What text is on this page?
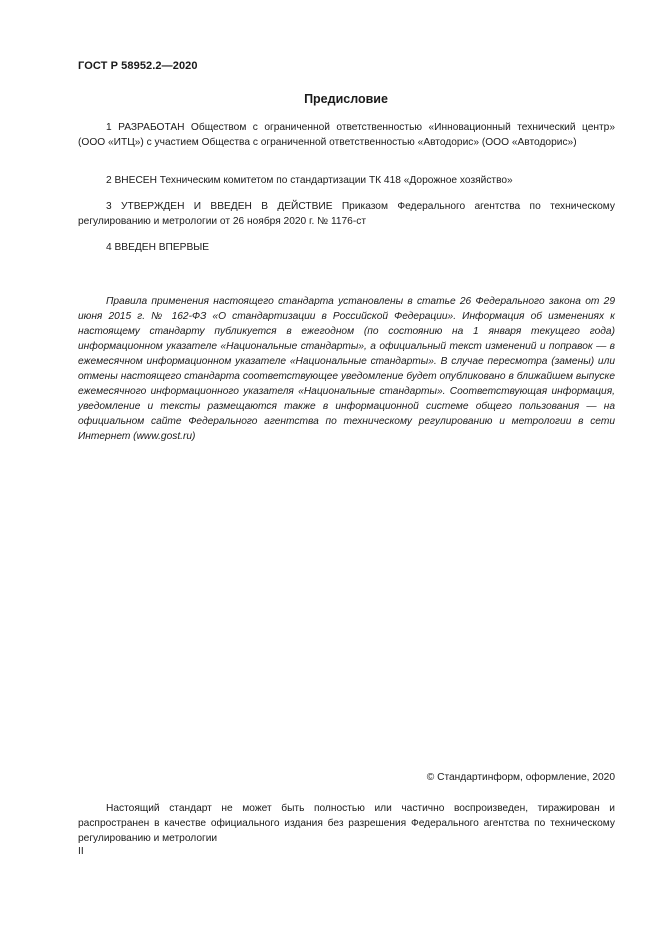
ГОСТ Р 58952.2—2020
Предисловие

1 РАЗРАБОТАН Обществом с ограниченной ответственностью «Инновационный технический центр» (ООО «ИТЦ») с участием Общества с ограниченной ответственностью «Автодорис» (ООО «Автодорис»)

2 ВНЕСЕН Техническим комитетом по стандартизации ТК 418 «Дорожное хозяйство»

3 УТВЕРЖДЕН И ВВЕДЕН В ДЕЙСТВИЕ Приказом Федерального агентства по техническому регулированию и метрологии от 26 ноября 2020 г. № 1176-ст

4 ВВЕДЕН ВПЕРВЫЕ

Правила применения настоящего стандарта установлены в статье 26 Федерального закона от 29 июня 2015 г. № 162-ФЗ «О стандартизации в Российской Федерации». Информация об изменениях к настоящему стандарту публикуется в ежегодном (по состоянию на 1 января текущего года) информационном указателе «Национальные стандарты», а официальный текст изменений и поправок — в ежемесячном информационном указателе «Национальные стандарты». В случае пересмотра (замены) или отмены настоящего стандарта соответствующее уведомление будет опубликовано в ближайшем выпуске ежемесячного информационного указателя «Национальные стандарты». Соответствующая информация, уведомление и тексты размещаются также в информационной системе общего пользования — на официальном сайте Федерального агентства по техническому регулированию и метрологии в сети Интернет (www.gost.ru)

© Стандартинформ, оформление, 2020

Настоящий стандарт не может быть полностью или частично воспроизведен, тиражирован и распространен в качестве официального издания без разрешения Федерального агентства по техническому регулированию и метрологии

II
